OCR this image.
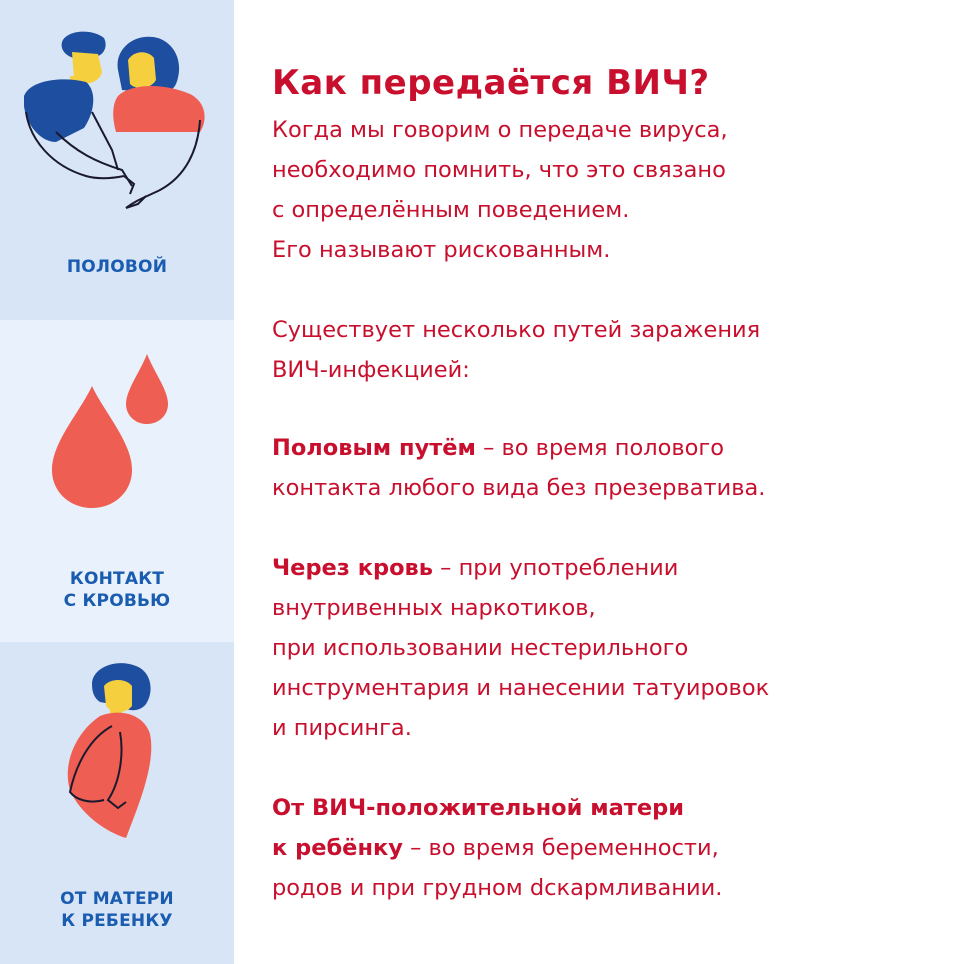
ПОЛОВОЙ
КОНТАКТ
С КРОВЬЮ
ОТ МАТЕРИ
К РЕБЕНКУ
Как передаётся ВИЧ?

Когда мы говорим о передаче вируса,

необходимо помнить, что это связано

с определённым поведением.

Его называют рискованным.

Существует несколько путей заражения

ВИЧ-инфекцией:

Половым путём – во время полового

контакта любого вида без презерватива.

Через кровь – при употреблении

внутривенных наркотиков,

при использовании нестерильного

инструментария и нанесении татуировок

и пирсинга.

От ВИЧ-положительной матери

к ребёнку – во время беременности,

родов и при грудном dскармливании.
